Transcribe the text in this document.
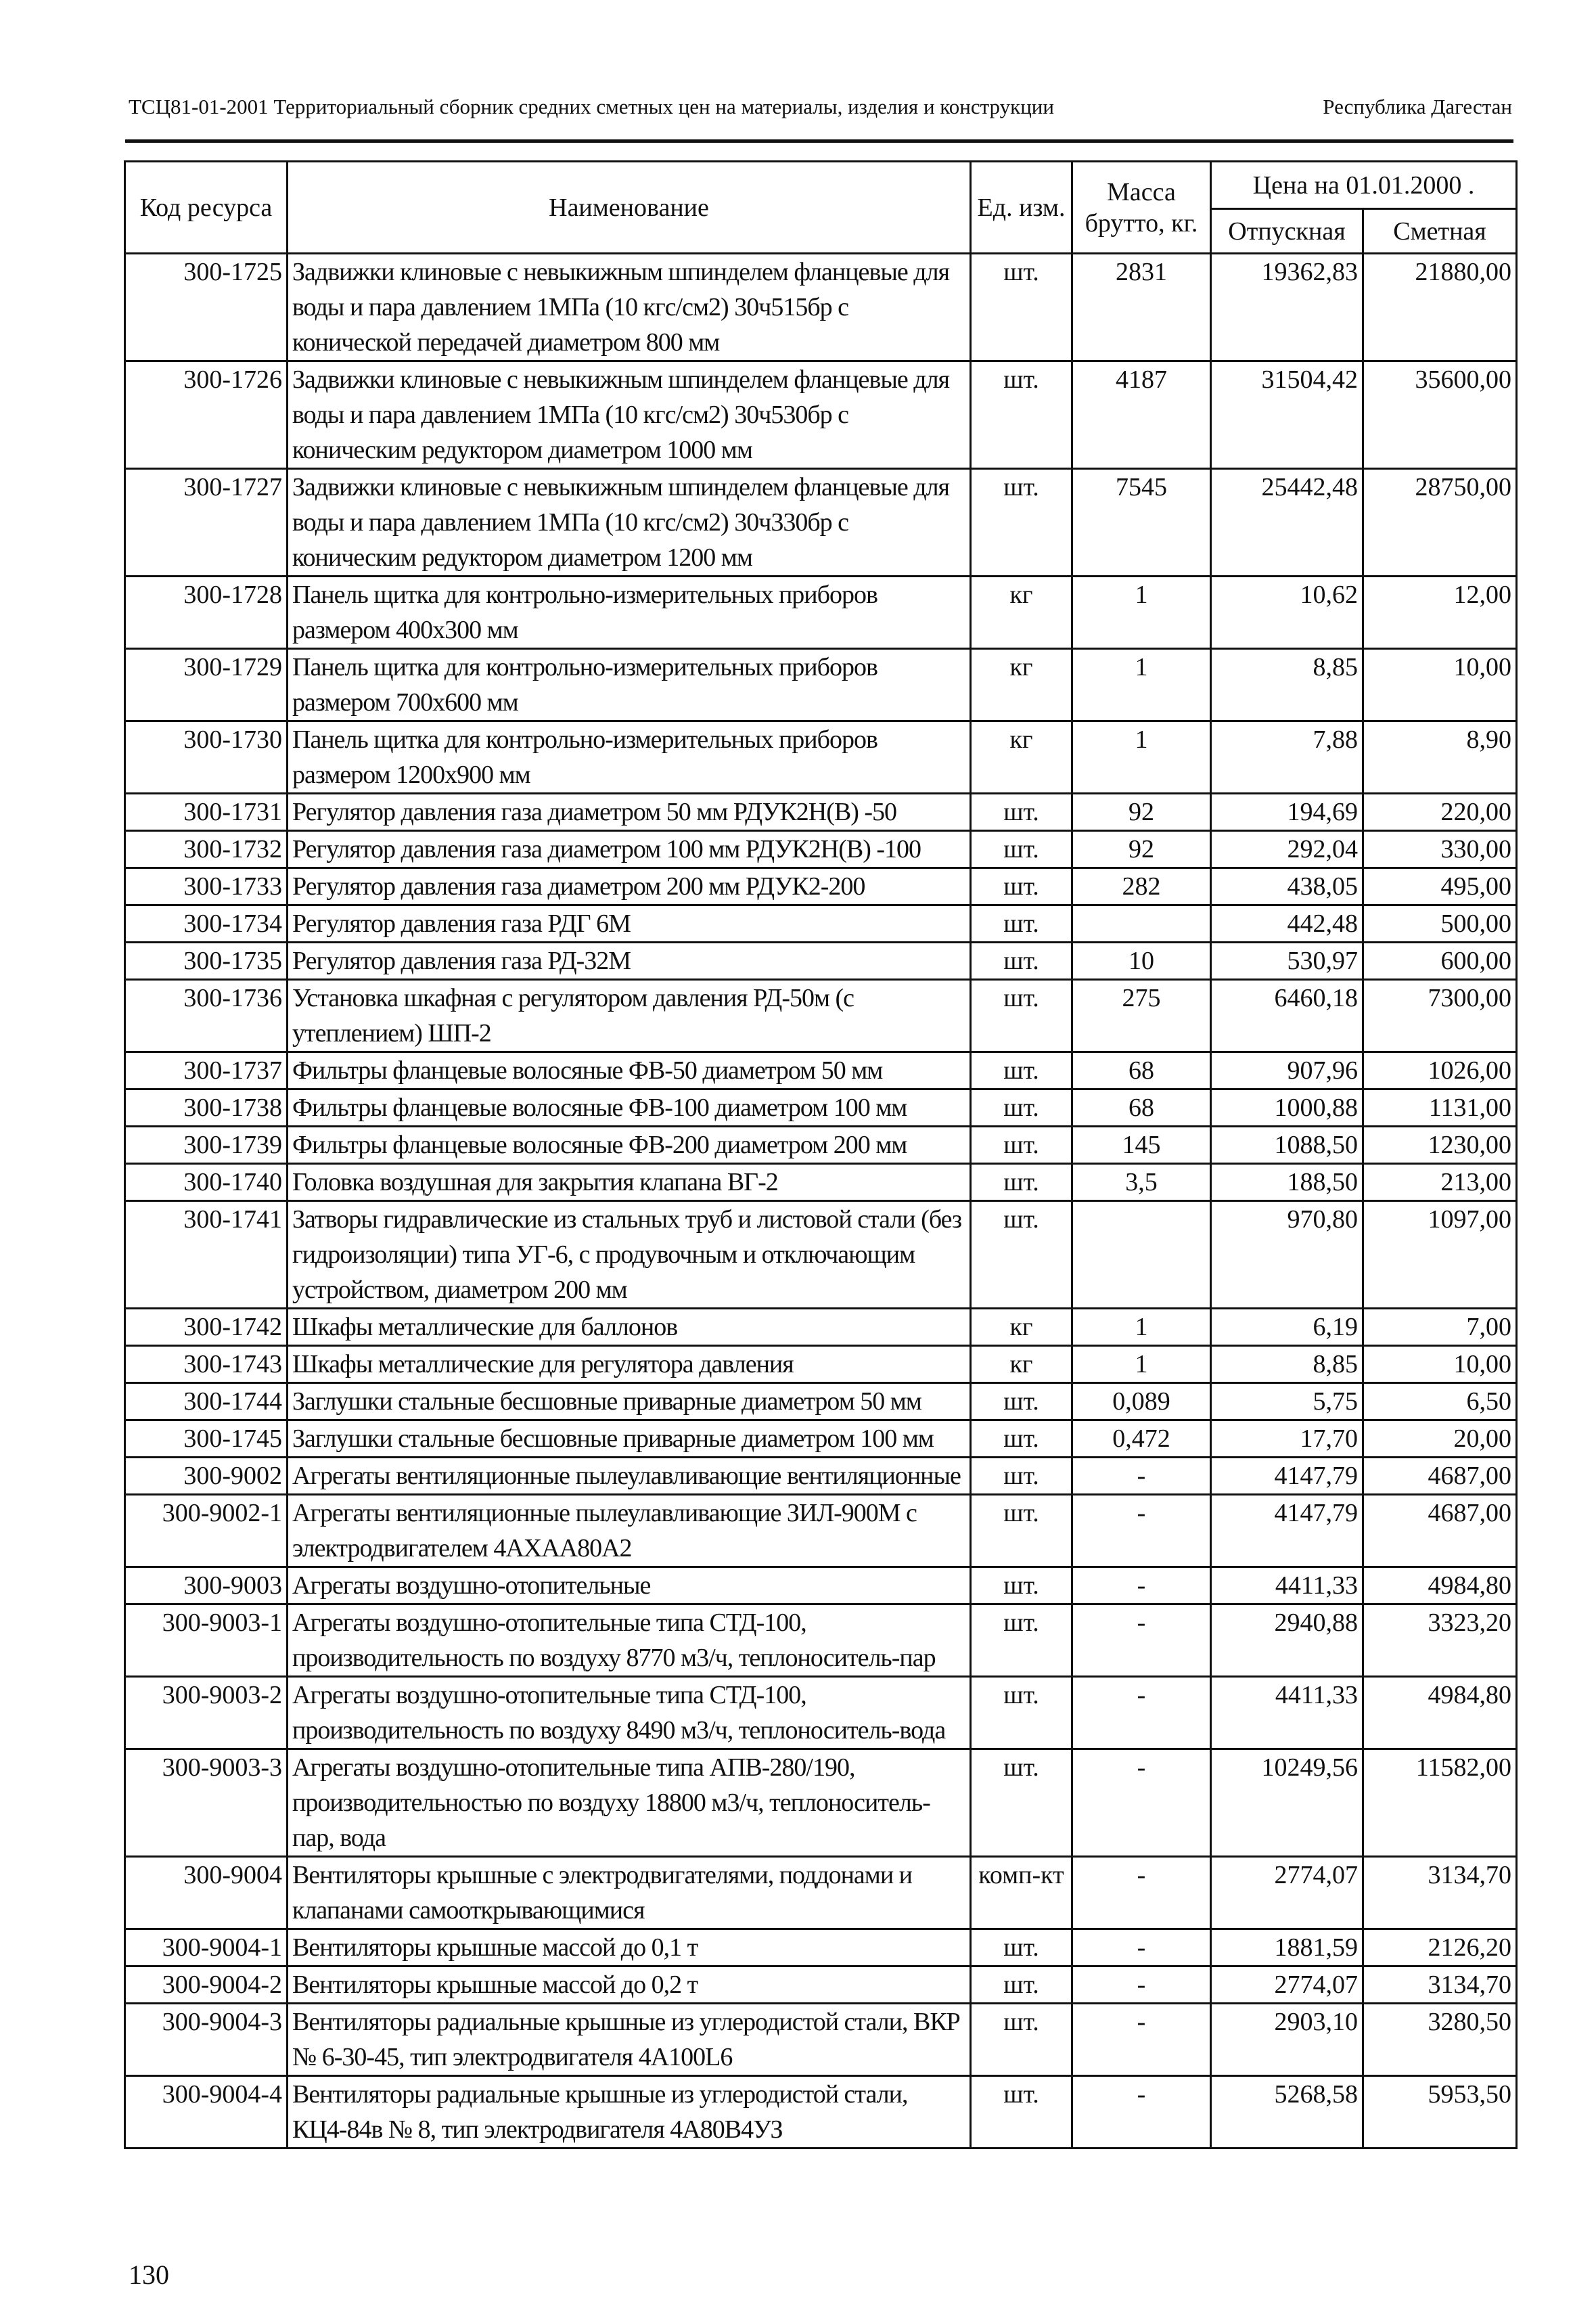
ТСЦ81-01-2001 Территориальный сборник средних сметных цен на материалы, изделия и конструкции	Республика Дагестан
Код ресурса	Наименование	Ед. изм.	Масса брутто, кг.	Цена на 01.01.2000 .	
				Отпускная	Сметная
300-1725	Задвижки клиновые с невыкижным шпинделем фланцевые для воды и пара давлением 1МПа (10 кгс/см2) 30ч515бр с конической передачей диаметром 800 мм	шт.	2831	19362,83	21880,00
300-1726	Задвижки клиновые с невыкижным шпинделем фланцевые для воды и пара давлением 1МПа (10 кгс/см2) 30ч530бр с коническим редуктором диаметром 1000 мм	шт.	4187	31504,42	35600,00
300-1727	Задвижки клиновые с невыкижным шпинделем фланцевые для воды и пара давлением 1МПа (10 кгс/см2) 30ч330бр с коническим редуктором диаметром 1200 мм	шт.	7545	25442,48	28750,00
300-1728	Панель щитка для контрольно-измерительных приборов размером 400х300 мм	кг	1	10,62	12,00
300-1729	Панель щитка для контрольно-измерительных приборов размером 700х600 мм	кг	1	8,85	10,00
300-1730	Панель щитка для контрольно-измерительных приборов размером 1200х900 мм	кг	1	7,88	8,90
300-1731	Регулятор давления газа диаметром 50 мм РДУК2Н(В) -50	шт.	92	194,69	220,00
300-1732	Регулятор давления газа диаметром 100 мм РДУК2Н(В) -100	шт.	92	292,04	330,00
300-1733	Регулятор давления газа диаметром 200 мм РДУК2-200	шт.	282	438,05	495,00
300-1734	Регулятор давления газа РДГ 6М	шт.		442,48	500,00
300-1735	Регулятор давления газа РД-32М	шт.	10	530,97	600,00
300-1736	Установка шкафная с регулятором давления РД-50м (с утеплением) ШП-2	шт.	275	6460,18	7300,00
300-1737	Фильтры фланцевые волосяные ФВ-50 диаметром 50 мм	шт.	68	907,96	1026,00
300-1738	Фильтры фланцевые волосяные ФВ-100 диаметром 100 мм	шт.	68	1000,88	1131,00
300-1739	Фильтры фланцевые волосяные ФВ-200 диаметром 200 мм	шт.	145	1088,50	1230,00
300-1740	Головка воздушная для закрытия клапана ВГ-2	шт.	3,5	188,50	213,00
300-1741	Затворы гидравлические из стальных труб и листовой стали (без гидроизоляции) типа УГ-6, с продувочным и отключающим устройством, диаметром 200 мм	шт.		970,80	1097,00
300-1742	Шкафы металлические для баллонов	кг	1	6,19	7,00
300-1743	Шкафы металлические для регулятора давления	кг	1	8,85	10,00
300-1744	Заглушки стальные бесшовные приварные диаметром 50 мм	шт.	0,089	5,75	6,50
300-1745	Заглушки стальные бесшовные приварные диаметром 100 мм	шт.	0,472	17,70	20,00
300-9002	Агрегаты вентиляционные пылеулавливающие вентиляционные	шт.	-	4147,79	4687,00
300-9002-1	Агрегаты вентиляционные пылеулавливающие ЗИЛ-900М с электродвигателем 4АХАА80А2	шт.	-	4147,79	4687,00
300-9003	Агрегаты воздушно-отопительные	шт.	-	4411,33	4984,80
300-9003-1	Агрегаты воздушно-отопительные типа СТД-100, производительность по воздуху 8770 м3/ч, теплоноситель-пар	шт.	-	2940,88	3323,20
300-9003-2	Агрегаты воздушно-отопительные типа СТД-100, производительность по воздуху 8490 м3/ч, теплоноситель-вода	шт.	-	4411,33	4984,80
300-9003-3	Агрегаты воздушно-отопительные типа АПВ-280/190, производительностью по воздуху 18800 м3/ч, теплоноситель-пар, вода	шт.	-	10249,56	11582,00
300-9004	Вентиляторы крышные с электродвигателями, поддонами и клапанами самооткрывающимися	комп-кт	-	2774,07	3134,70
300-9004-1	Вентиляторы крышные массой до 0,1 т	шт.	-	1881,59	2126,20
300-9004-2	Вентиляторы крышные массой до 0,2 т	шт.	-	2774,07	3134,70
300-9004-3	Вентиляторы радиальные крышные из углеродистой стали, ВКР № 6-30-45, тип электродвигателя 4А100L6	шт.	-	2903,10	3280,50
300-9004-4	Вентиляторы радиальные крышные из углеродистой стали, КЦ4-84в № 8, тип электродвигателя 4А80В4УЗ	шт.	-	5268,58	5953,50
130
